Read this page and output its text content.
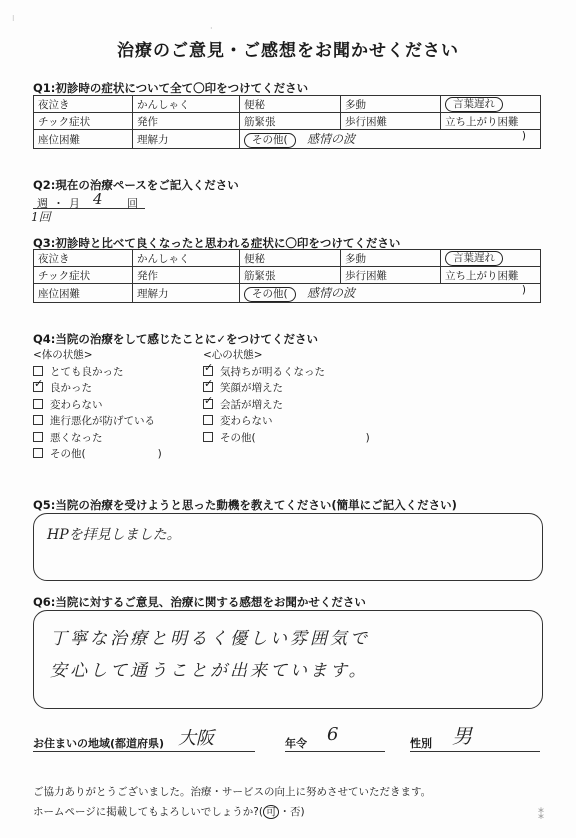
⁝
·
治療のご意見・ご感想をお聞かせください
Q1:初診時の症状について全て〇印をつけてください
夜泣き	かんしゃく	便秘	多動	言葉遅れ
チック症状	発作	筋緊張	歩行困難	立ち上がり困難
座位困難	理解力	その他( 感情の波 )		
Q2:現在の治療ペースをご記入ください
週 ・ 月 4 回
1回
Q3:初診時と比べて良くなったと思われる症状に〇印をつけてください
夜泣き	かんしゃく	便秘	多動	言葉遅れ
チック症状	発作	筋緊張	歩行困難	立ち上がり困難
座位困難	理解力	その他( 感情の波 )		
Q4:当院の治療をして感じたことに✓をつけてください
<体の状態>
とても良かった
✓良かった
変わらない
進行悪化が防げている
悪くなった
その他(	)
<心の状態>
✓気持ちが明るくなった
✓笑顔が増えた
✓会話が増えた
変わらない
その他(	)
Q5:当院の治療を受けようと思った動機を教えてください(簡単にご記入ください)
HPを拝見しました。
Q6:当院に対するご意見、治療に関する感想をお聞かせください
丁寧な治療と明るく優しい雰囲気で
安心して通うことが出来ています。
お住まいの地域(都道府県) 大阪	年令 6	性別 男
ご協力ありがとうございました。治療・サービスの向上に努めさせていただきます。
ホームページに掲載してもよろしいでしょうか?( 可 ・否)	⁑
